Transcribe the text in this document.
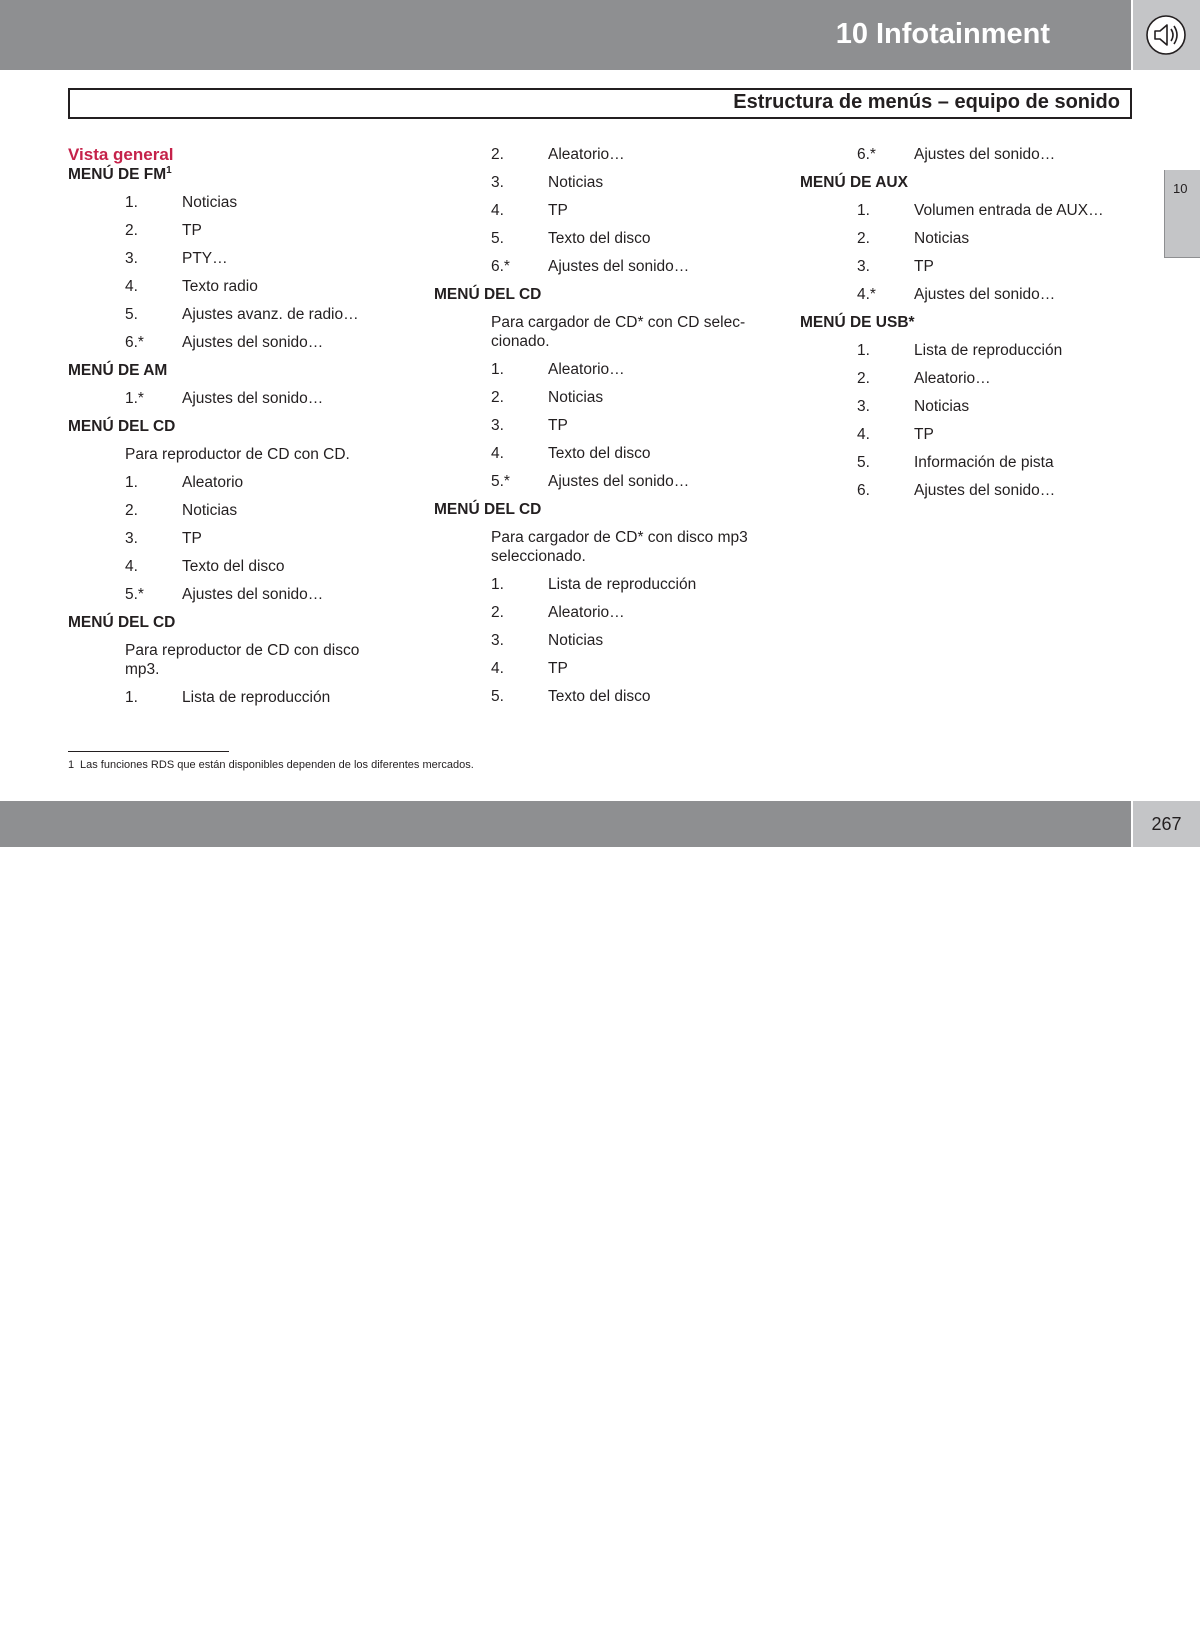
10 Infotainment
Estructura de menús – equipo de sonido
10
Vista general
MENÚ DE $FM^1$
1.	Noticias
2.	TP
3.	PTY…
4.	Texto radio
5.	Ajustes avanz. de radio…
6.*	Ajustes del sonido…
MENÚ DE AM
1.*	Ajustes del sonido…
MENÚ DEL CD
Para reproductor de CD con CD.
1.	Aleatorio
2.	Noticias
3.	TP
4.	Texto del disco
5.*	Ajustes del sonido…
MENÚ DEL CD
Para reproductor de CD con disco
mp3.
1.	Lista de reproducción
2.	Aleatorio…
3.	Noticias
4.	TP
5.	Texto del disco
6.*	Ajustes del sonido…
MENÚ DEL CD
Para cargador de CD* con CD selec-
cionado.
1.	Aleatorio…
2.	Noticias
3.	TP
4.	Texto del disco
5.*	Ajustes del sonido…
MENÚ DEL CD
Para cargador de CD* con disco mp3
seleccionado.
1.	Lista de reproducción
2.	Aleatorio…
3.	Noticias
4.	TP
5.	Texto del disco
6.*	Ajustes del sonido…
MENÚ DE AUX
1.	Volumen entrada de AUX…
2.	Noticias
3.	TP
4.*	Ajustes del sonido…
MENÚ DE USB*
1.	Lista de reproducción
2.	Aleatorio…
3.	Noticias
4.	TP
5.	Información de pista
6.	Ajustes del sonido…
1 Las funciones RDS que están disponibles dependen de los diferentes mercados.
* Opcional/accesorio, para mayor información, vea Introducción.
267
